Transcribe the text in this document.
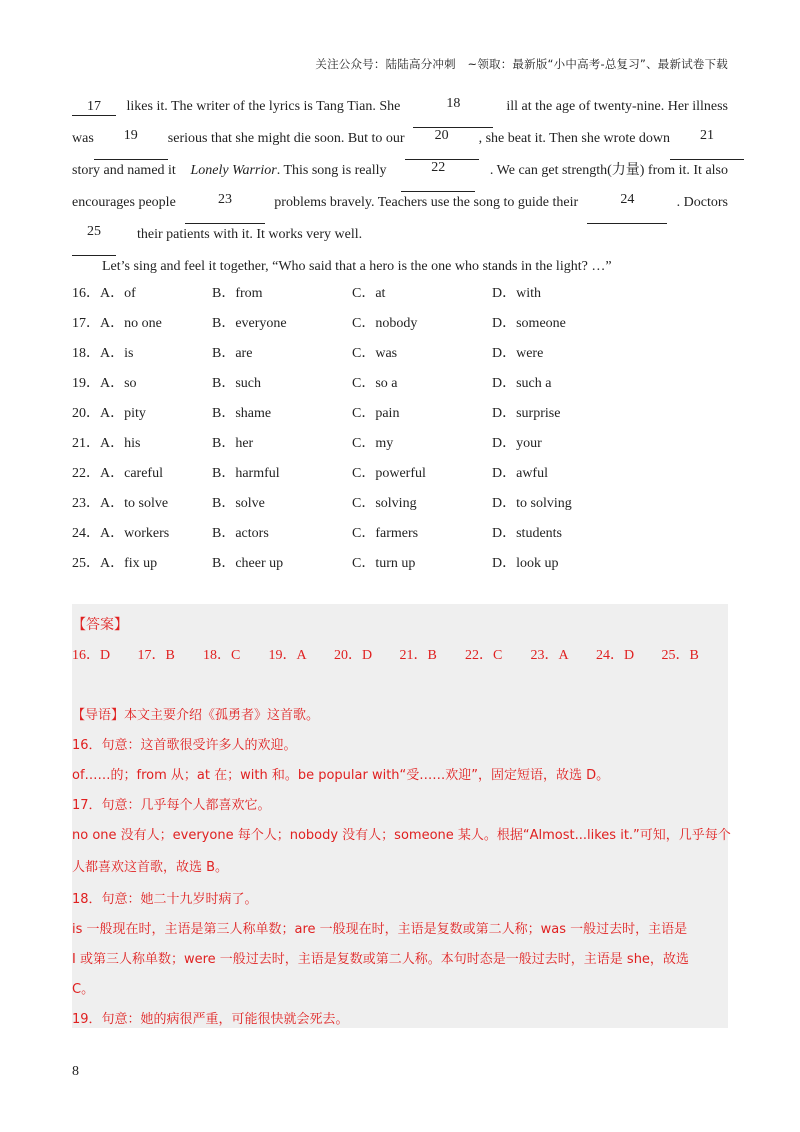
关注公众号：陆陆高分冲刺　~领取：最新版“小中高考-总复习”、最新试卷下载
17 likes it. The writer of the lyrics is Tang Tian. She	18	ill at the age of twenty-nine. Her illness
was	19	serious that she might die soon. But to our	20	, she beat it. Then she wrote down	21
story and named it Lonely Warrior. This song is really	22	. We can get strength(力量) from it. It also
encourages people	23	problems bravely. Teachers use the song to guide their	24	. Doctors
25
	their patients with it. It works very well.
Let’s sing and feel it together, “Who said that a hero is the one who stands in the light? …”
16．A．of	B．from	C．at	D．with
17．A．no one	B．everyone	C．nobody	D．someone
18．A．is	B．are	C．was	D．were
19．A．so	B．such	C．so a	D．such a
20．A．pity	B．shame	C．pain	D．surprise
21．A．his	B．her	C．my	D．your
22．A．careful	B．harmful	C．powerful	D．awful
23．A．to solve	B．solve	C．solving	D．to solving
24．A．workers	B．actors	C．farmers	D．students
25．A．fix up	B．cheer up	C．turn up	D．look up
【答案】
16．D	17．B	18．C	19．A	20．D	21．B	22．C	23．A	24．D	25．B
【导语】本文主要介绍《孤勇者》这首歌。
16．句意：这首歌很受许多人的欢迎。
of……的；from 从；at 在；with 和。be popular with“受……欢迎”，固定短语，故选 D。
17．句意：几乎每个人都喜欢它。
no one 没有人；everyone 每个人；nobody 没有人；someone 某人。根据“Almost...likes it.”可知，几乎每个
人都喜欢这首歌，故选 B。
18．句意：她二十九岁时病了。
is 一般现在时，主语是第三人称单数；are 一般现在时，主语是复数或第二人称；was 一般过去时，主语是
I 或第三人称单数；were 一般过去时，主语是复数或第二人称。本句时态是一般过去时，主语是 she，故选
C。
19．句意：她的病很严重，可能很快就会死去。
8
